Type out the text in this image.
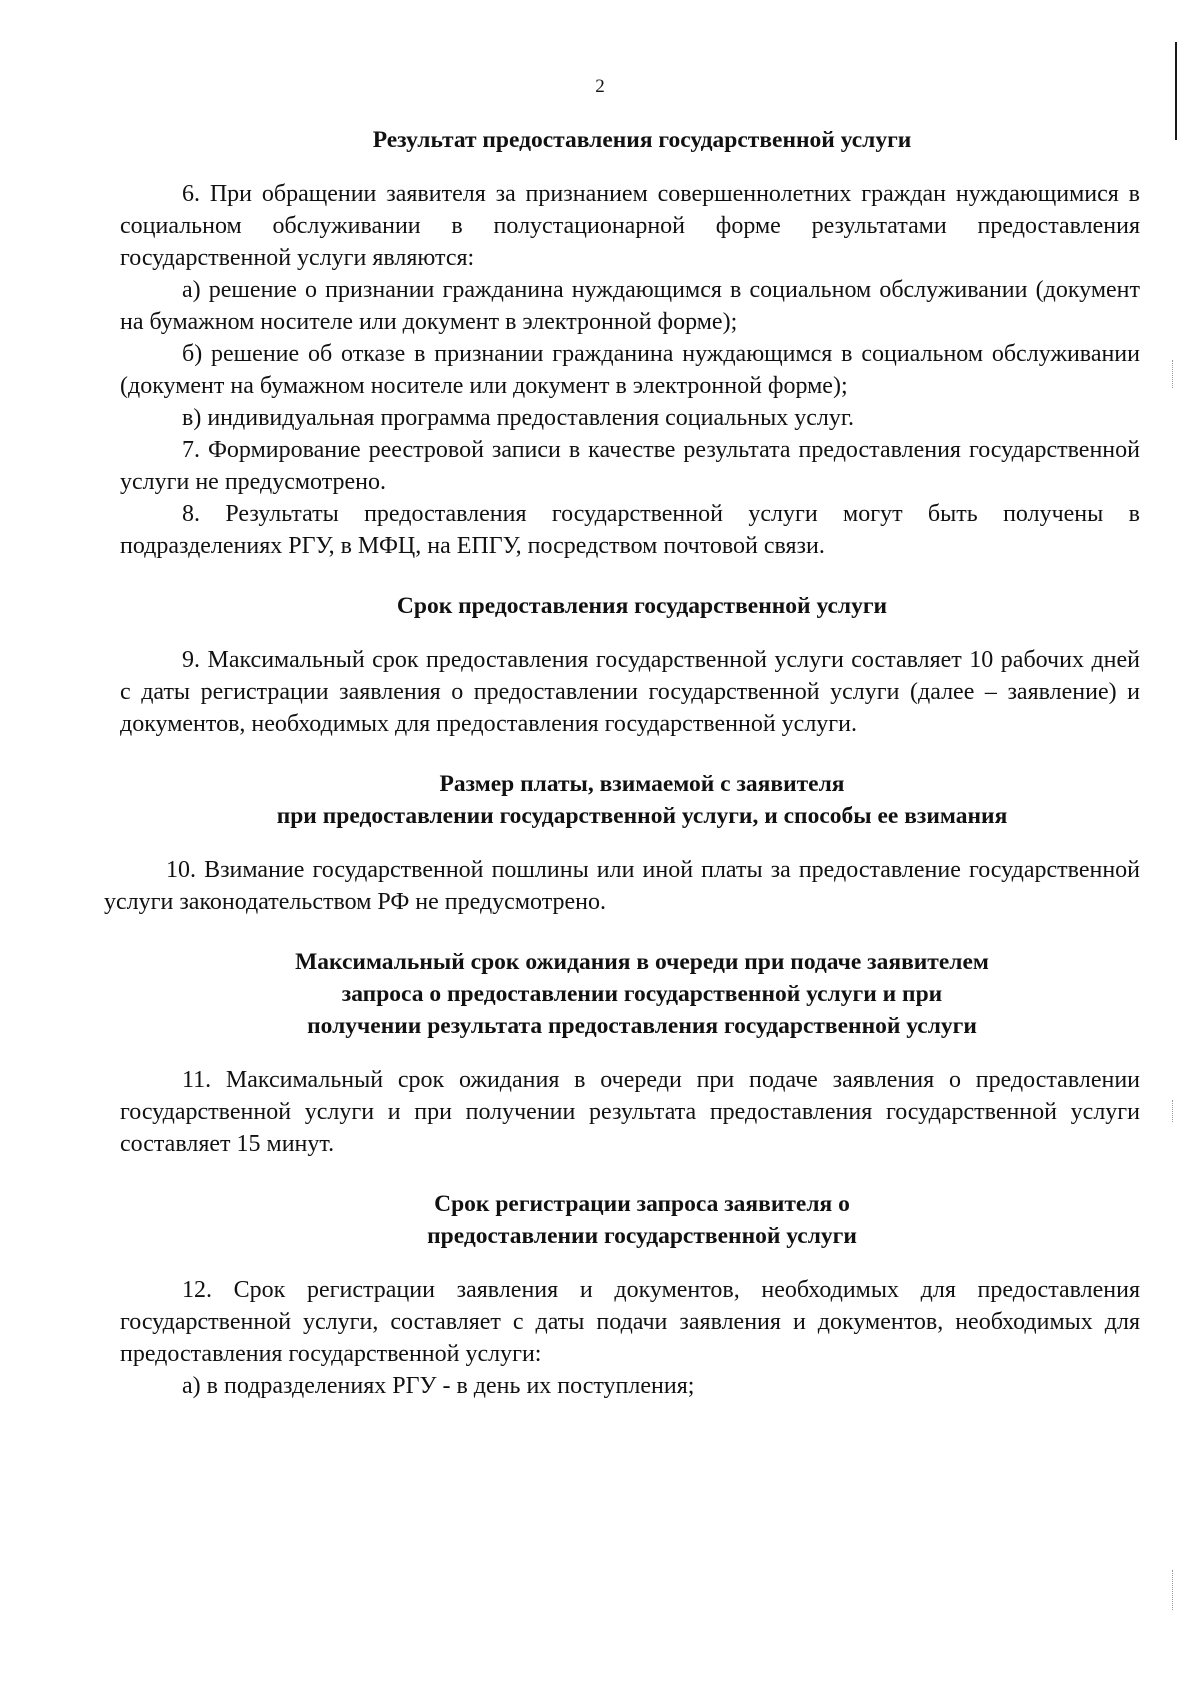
2
Результат предоставления государственной услуги

6. При обращении заявителя за признанием совершеннолетних граждан нуждающимися в социальном обслуживании в полустационарной форме результатами предоставления государственной услуги являются:

а) решение о признании гражданина нуждающимся в социальном обслуживании (документ на бумажном носителе или документ в электронной форме);

б) решение об отказе в признании гражданина нуждающимся в социальном обслуживании (документ на бумажном носителе или документ в электронной форме);

в) индивидуальная программа предоставления социальных услуг.

7. Формирование реестровой записи в качестве результата предоставления государственной услуги не предусмотрено.

8. Результаты предоставления государственной услуги могут быть получены в подразделениях РГУ, в МФЦ, на ЕПГУ, посредством почтовой связи.

Срок предоставления государственной услуги

9. Максимальный срок предоставления государственной услуги составляет 10 рабочих дней с даты регистрации заявления о предоставлении государственной услуги (далее – заявление) и документов, необходимых для предоставления государственной услуги.

Размер платы, взимаемой с заявителя
при предоставлении государственной услуги, и способы ее взимания

10. Взимание государственной пошлины или иной платы за предоставление государственной услуги законодательством РФ не предусмотрено.

Максимальный срок ожидания в очереди при подаче заявителем
запроса о предоставлении государственной услуги и при
получении результата предоставления государственной услуги

11. Максимальный срок ожидания в очереди при подаче заявления о предоставлении государственной услуги и при получении результата предоставления государственной услуги составляет 15 минут.

Срок регистрации запроса заявителя о
предоставлении государственной услуги

12. Срок регистрации заявления и документов, необходимых для предоставления государственной услуги, составляет с даты подачи заявления и документов, необходимых для предоставления государственной услуги:

а) в подразделениях РГУ - в день их поступления;
